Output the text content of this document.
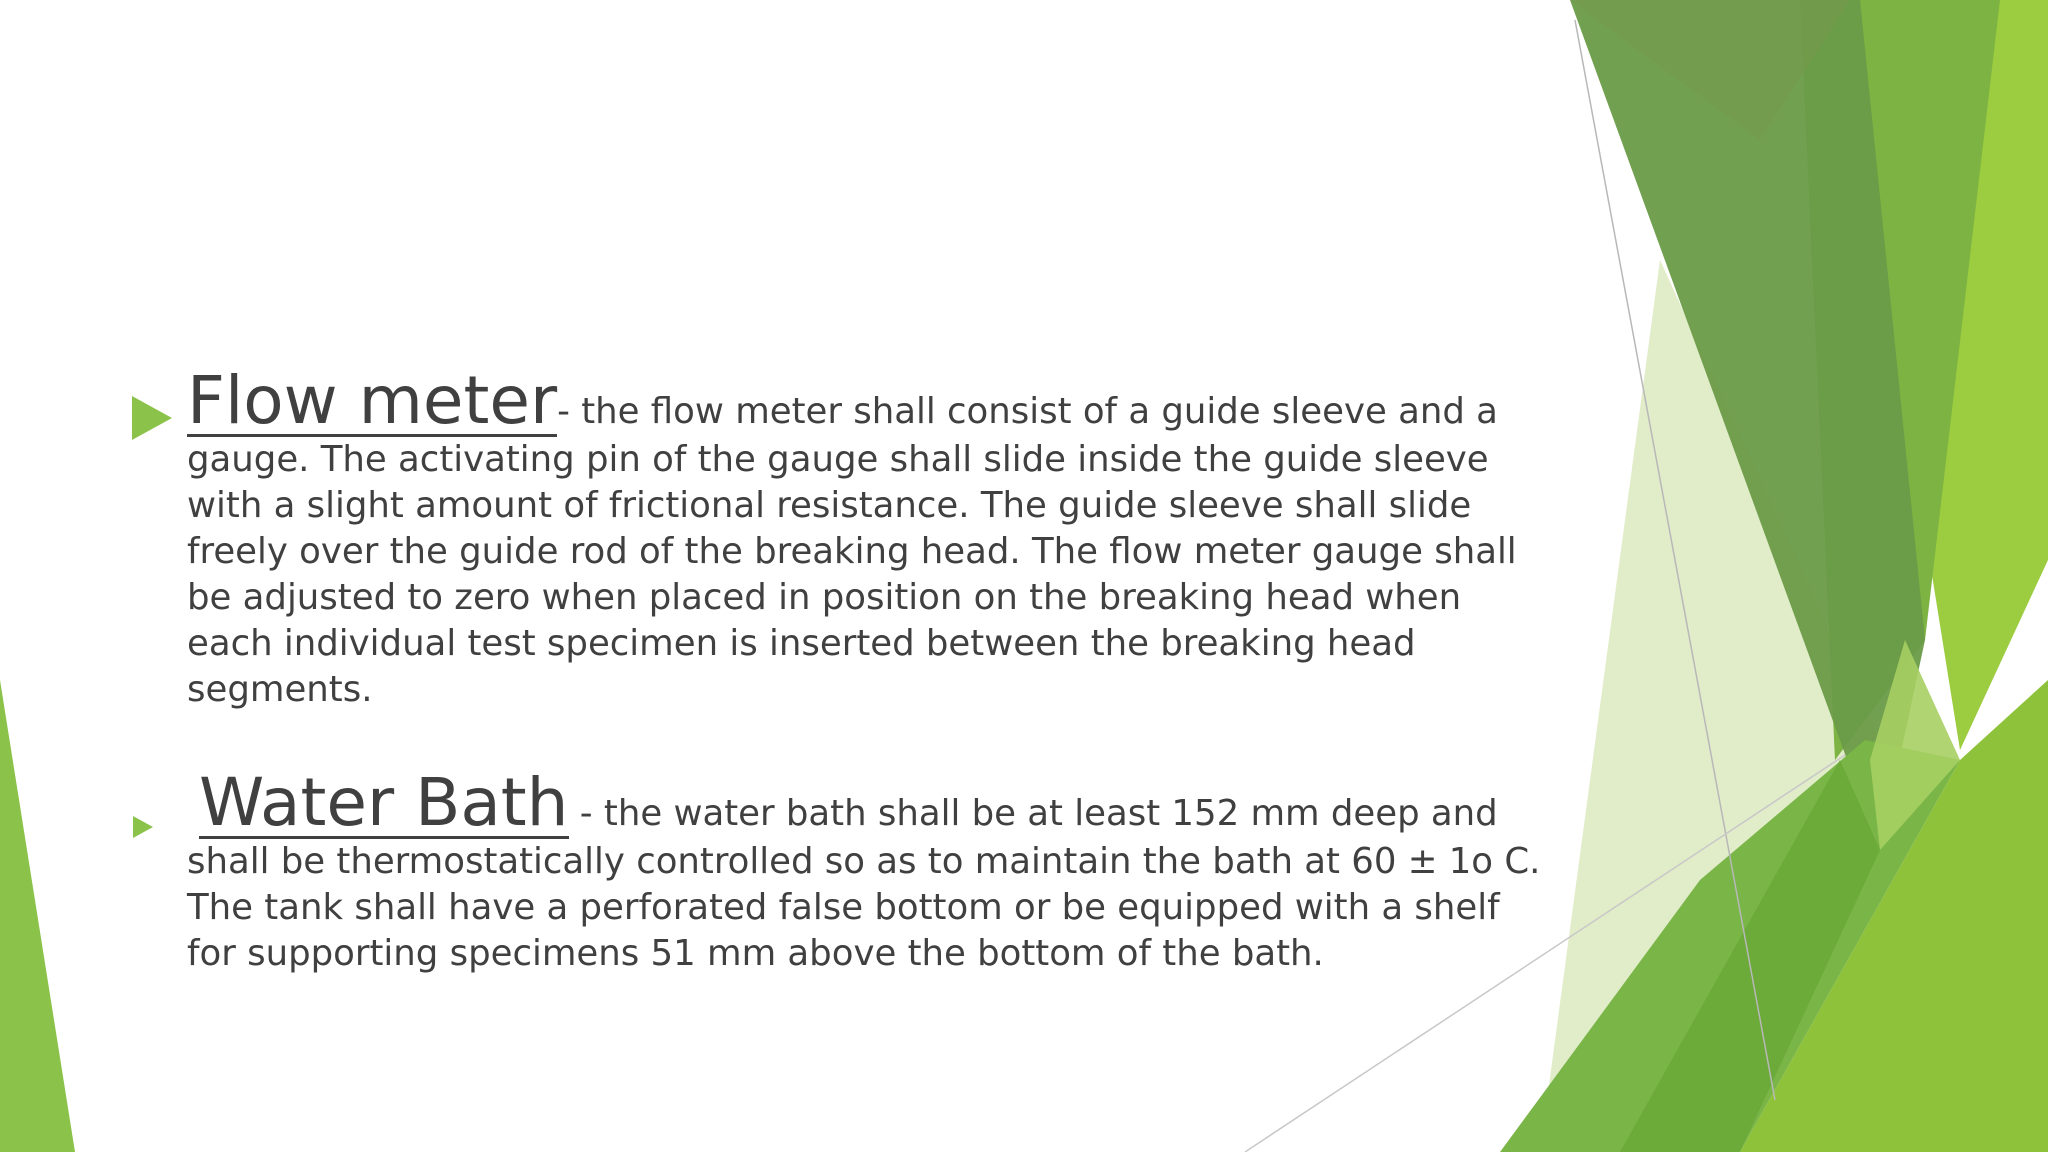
Flow meter- the flow meter shall consist of a guide sleeve and a gauge. The activating pin of the gauge shall slide inside the guide sleeve with a slight amount of frictional resistance. The guide sleeve shall slide freely over the guide rod of the breaking head. The flow meter gauge shall be adjusted to zero when placed in position on the breaking head when each individual test specimen is inserted between the breaking head segments.

Water Bath - the water bath shall be at least 152 mm deep and shall be thermostatically controlled so as to maintain the bath at 60 ± 1o C. The tank shall have a perforated false bottom or be equipped with a shelf for supporting specimens 51 mm above the bottom of the bath.
